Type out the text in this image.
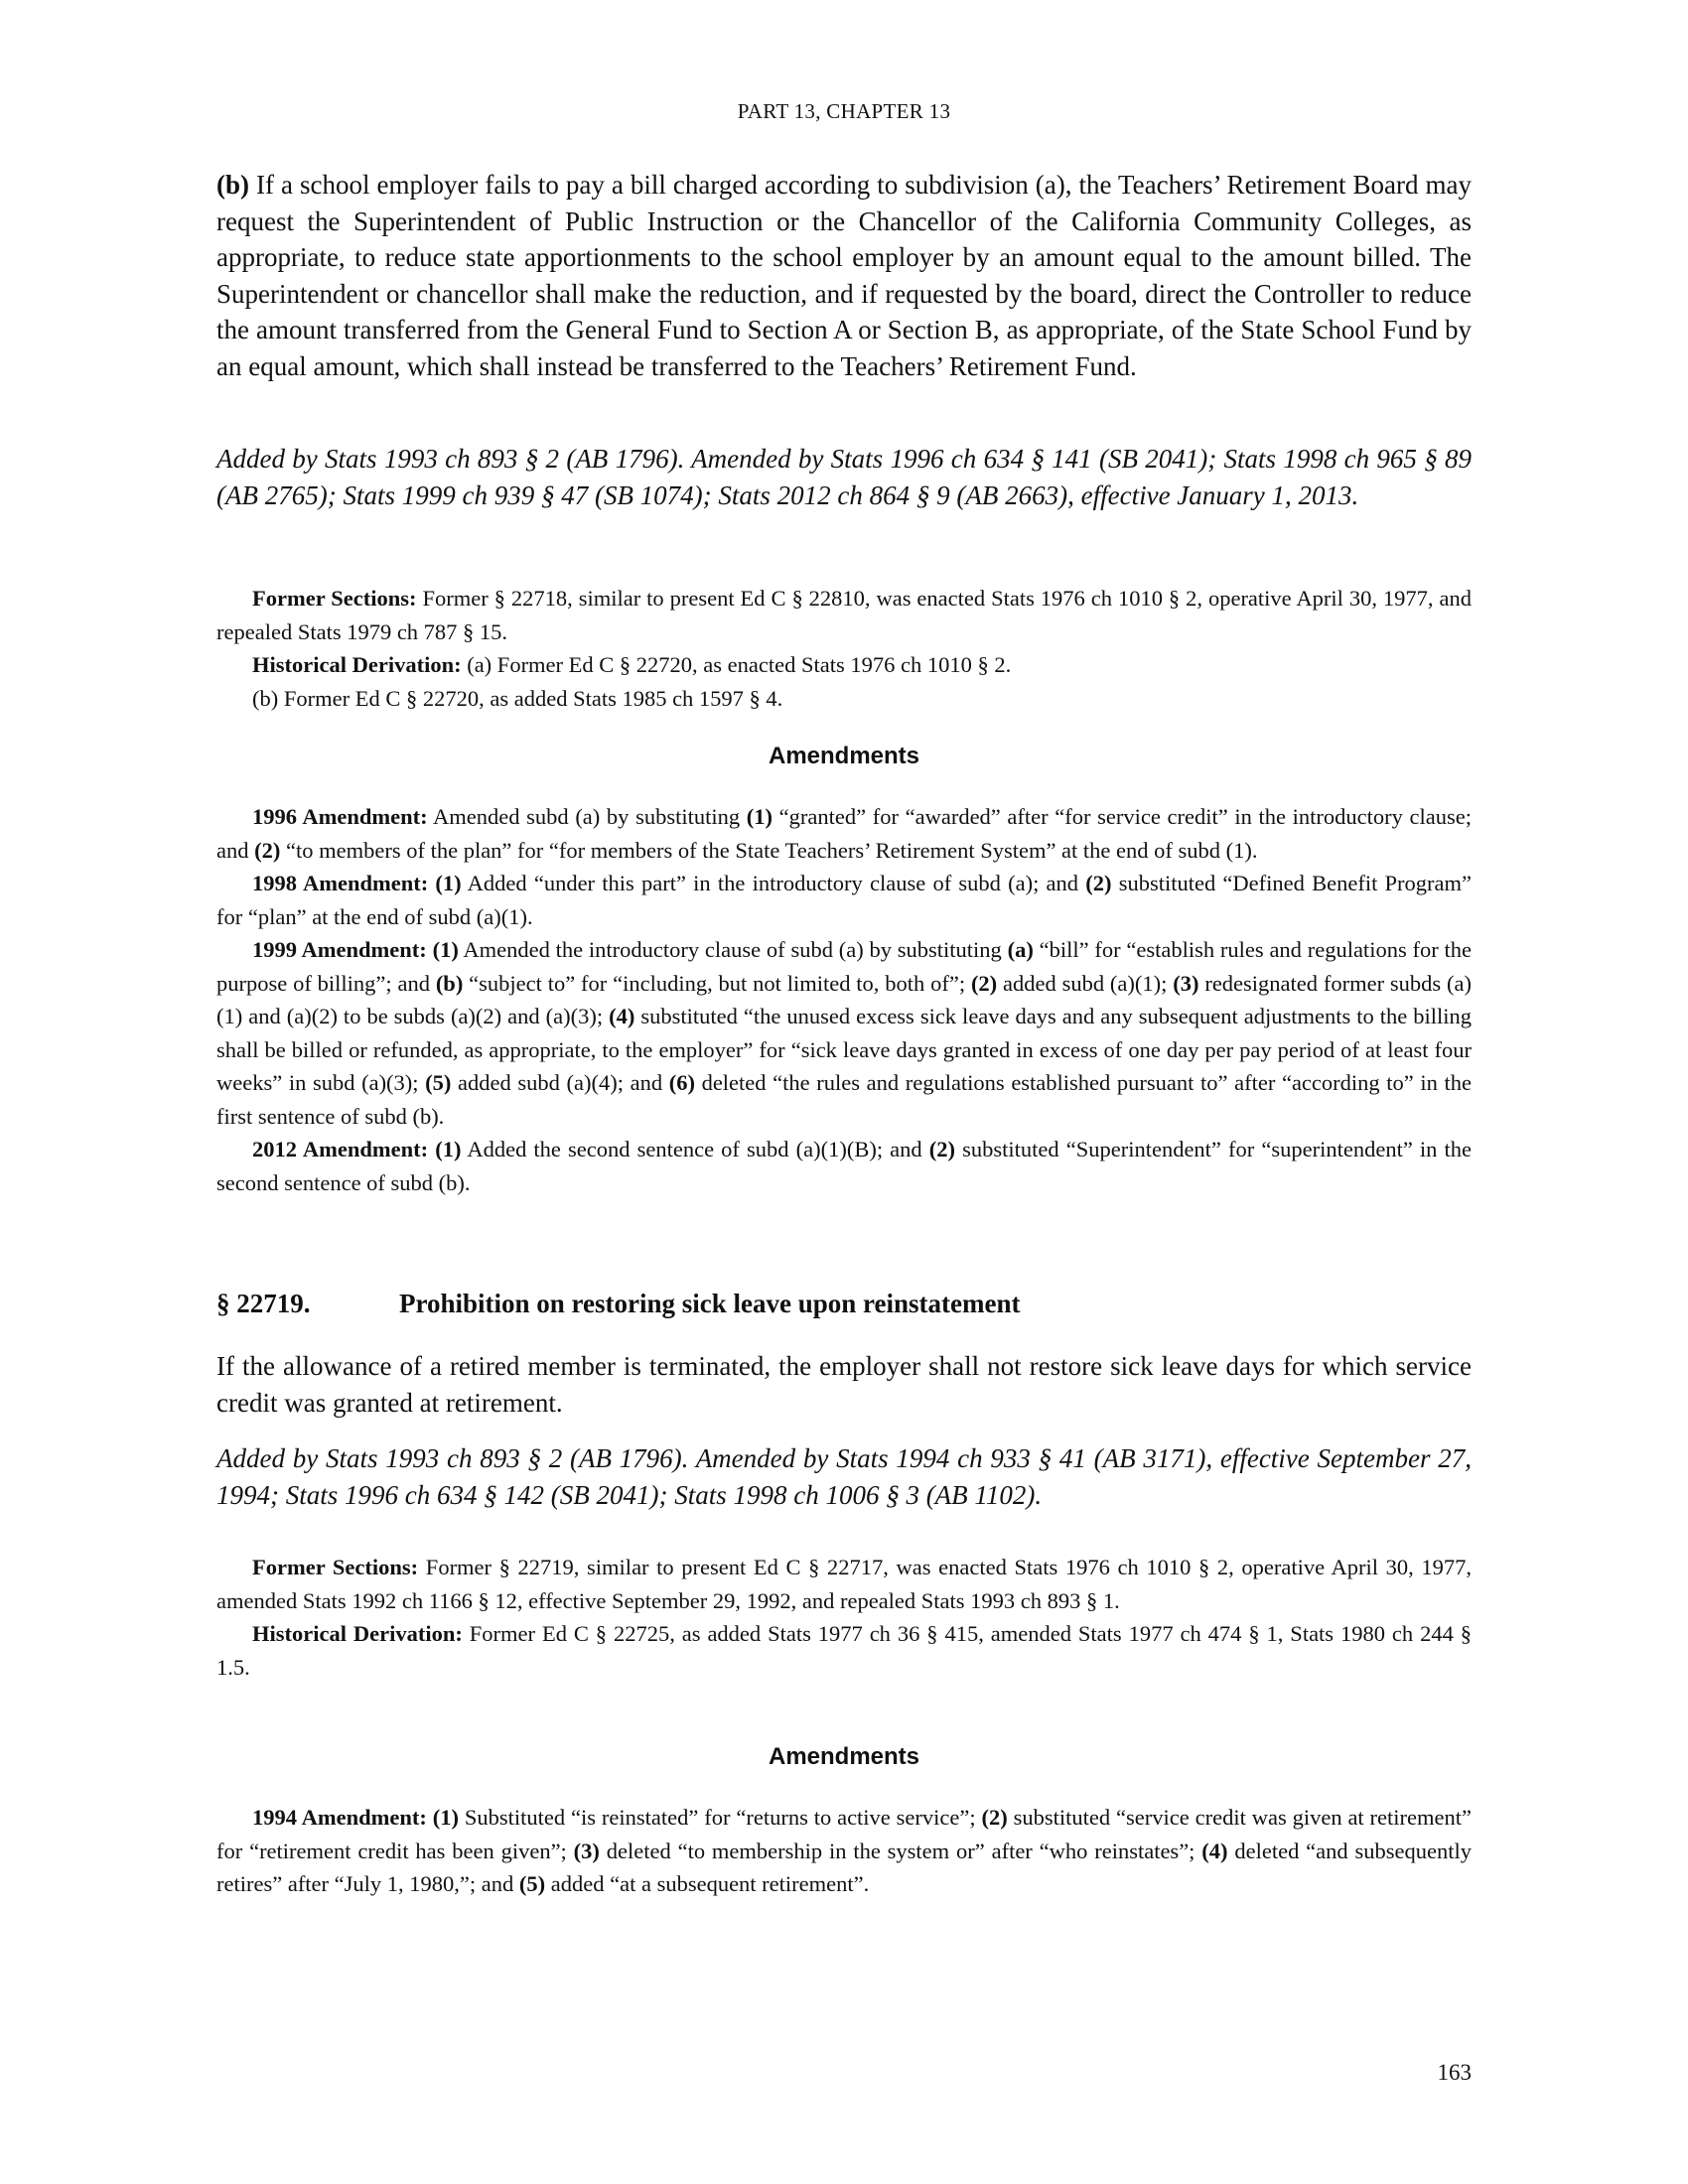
PART 13, CHAPTER 13

(b) If a school employer fails to pay a bill charged according to subdivision (a), the Teachers’ Retirement Board may request the Superintendent of Public Instruction or the Chancellor of the California Community Colleges, as appropriate, to reduce state apportionments to the school employer by an amount equal to the amount billed. The Superintendent or chancellor shall make the reduction, and if requested by the board, direct the Controller to reduce the amount transferred from the General Fund to Section A or Section B, as appropriate, of the State School Fund by an equal amount, which shall instead be transferred to the Teachers’ Retirement Fund.

Added by Stats 1993 ch 893 § 2 (AB 1796). Amended by Stats 1996 ch 634 § 141 (SB 2041); Stats 1998 ch 965 § 89 (AB 2765); Stats 1999 ch 939 § 47 (SB 1074); Stats 2012 ch 864 § 9 (AB 2663), effective January 1, 2013.

Former Sections: Former § 22718, similar to present Ed C § 22810, was enacted Stats 1976 ch 1010 § 2, operative April 30, 1977, and repealed Stats 1979 ch 787 § 15.

Historical Derivation: (a) Former Ed C § 22720, as enacted Stats 1976 ch 1010 § 2.

(b) Former Ed C § 22720, as added Stats 1985 ch 1597 § 4.

Amendments

1996 Amendment: Amended subd (a) by substituting (1) “granted” for “awarded” after “for service credit” in the introductory clause; and (2) “to members of the plan” for “for members of the State Teachers’ Retirement System” at the end of subd (1).

1998 Amendment: (1) Added “under this part” in the introductory clause of subd (a); and (2) substituted “Defined Benefit Program” for “plan” at the end of subd (a)(1).

1999 Amendment: (1) Amended the introductory clause of subd (a) by substituting (a) “bill” for “establish rules and regulations for the purpose of billing”; and (b) “subject to” for “including, but not limited to, both of”; (2) added subd (a)(1); (3) redesignated former subds (a)(1) and (a)(2) to be subds (a)(2) and (a)(3); (4) substituted “the unused excess sick leave days and any subsequent adjustments to the billing shall be billed or refunded, as appropriate, to the employer” for “sick leave days granted in excess of one day per pay period of at least four weeks” in subd (a)(3); (5) added subd (a)(4); and (6) deleted “the rules and regulations established pursuant to” after “according to” in the first sentence of subd (b).

2012 Amendment: (1) Added the second sentence of subd (a)(1)(B); and (2) substituted “Superintendent” for “superintendent” in the second sentence of subd (b).

§ 22719.	Prohibition on restoring sick leave upon reinstatement

If the allowance of a retired member is terminated, the employer shall not restore sick leave days for which service credit was granted at retirement.

Added by Stats 1993 ch 893 § 2 (AB 1796). Amended by Stats 1994 ch 933 § 41 (AB 3171), effective September 27, 1994; Stats 1996 ch 634 § 142 (SB 2041); Stats 1998 ch 1006 § 3 (AB 1102).

Former Sections: Former § 22719, similar to present Ed C § 22717, was enacted Stats 1976 ch 1010 § 2, operative April 30, 1977, amended Stats 1992 ch 1166 § 12, effective September 29, 1992, and repealed Stats 1993 ch 893 § 1.

Historical Derivation: Former Ed C § 22725, as added Stats 1977 ch 36 § 415, amended Stats 1977 ch 474 § 1, Stats 1980 ch 244 § 1.5.

Amendments

1994 Amendment: (1) Substituted “is reinstated” for “returns to active service”; (2) substituted “service credit was given at retirement” for “retirement credit has been given”; (3) deleted “to membership in the system or” after “who reinstates”; (4) deleted “and subsequently retires” after “July 1, 1980,”; and (5) added “at a subsequent retirement”.

163
